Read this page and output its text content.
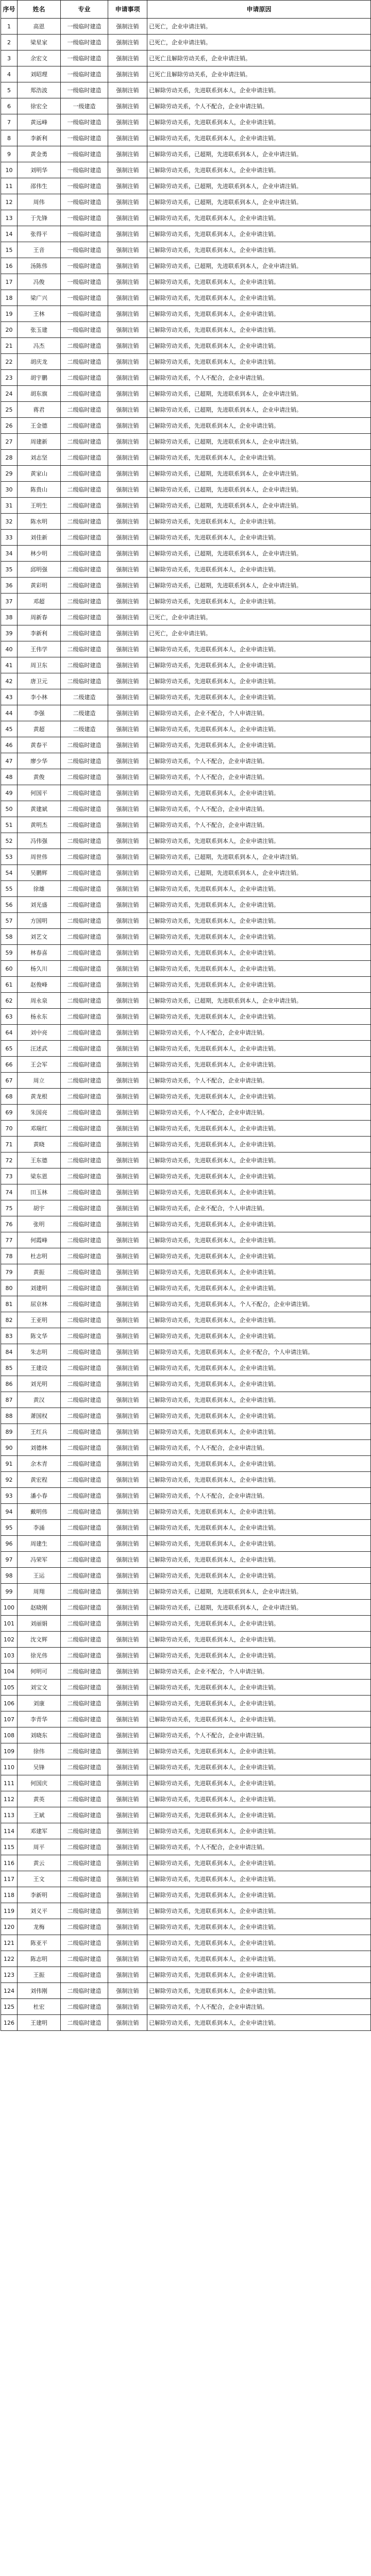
序号	姓名	专业	申请事项	申请原因
1	高恩	一级临时建造	强制注销	已死亡，企业申请注销。
2	梁星家	一级临时建造	强制注销	已死亡，企业申请注销。
3	余宏文	一级临时建造	强制注销	已死亡且解除劳动关系，企业申请注销。
4	刘昭理	一级临时建造	强制注销	已死亡且解除劳动关系，企业申请注销。
5	郑浩波	一级临时建造	强制注销	已解除劳动关系，先进联系到本人，企业申请注销。
6	徐宏全	一级建造	强制注销	已解除劳动关系，个人不配合，企业申请注销。
7	黄远峰	一级临时建造	强制注销	已解除劳动关系，先进联系到本人，企业申请注销。
8	李新利	一级临时建造	强制注销	已解除劳动关系，先进联系到本人，企业申请注销。
9	黄金勇	一级临时建造	强制注销	已解除劳动关系，已超期，先进联系到本人，企业申请注销。
10	刘明华	一级临时建造	强制注销	已解除劳动关系，先进联系到本人，企业申请注销。
11	邵伟生	一级临时建造	强制注销	已解除劳动关系，已超期，先进联系到本人，企业申请注销。
12	周伟	一级临时建造	强制注销	已解除劳动关系，已超期，先进联系到本人，企业申请注销。
13	于先锋	一级临时建造	强制注销	已解除劳动关系，先进联系到本人，企业申请注销。
14	张得平	一级临时建造	强制注销	已解除劳动关系，先进联系到本人，企业申请注销。
15	王音	一级临时建造	强制注销	已解除劳动关系，先进联系到本人，企业申请注销。
16	汤陈伟	一级临时建造	强制注销	已解除劳动关系，已超期，先进联系到本人，企业申请注销。
17	冯俊	一级临时建造	强制注销	已解除劳动关系，先进联系到本人，企业申请注销。
18	梁广兴	一级临时建造	强制注销	已解除劳动关系，先进联系到本人，企业申请注销。
19	王林	一级临时建造	强制注销	已解除劳动关系，先进联系到本人，企业申请注销。
20	张玉建	一级临时建造	强制注销	已解除劳动关系，先进联系到本人，企业申请注销。
21	冯杰	二级临时建造	强制注销	已解除劳动关系，先进联系到本人，企业申请注销。
22	胡庆龙	二级临时建造	强制注销	已解除劳动关系，先进联系到本人，企业申请注销。
23	胡宇鹏	二级临时建造	强制注销	已解除劳动关系，个人不配合，企业申请注销。
24	胡东旗	二级临时建造	强制注销	已解除劳动关系，已超期，先进联系到本人，企业申请注销。
25	蒋君	二级临时建造	强制注销	已解除劳动关系，已超期，先进联系到本人，企业申请注销。
26	王金德	二级临时建造	强制注销	已解除劳动关系，先进联系到本人，企业申请注销。
27	周建新	二级临时建造	强制注销	已解除劳动关系，已超期，先进联系到本人，企业申请注销。
28	刘志坚	二级临时建造	强制注销	已解除劳动关系，先进联系到本人，企业申请注销。
29	黄家山	二级临时建造	强制注销	已解除劳动关系，已超期，先进联系到本人，企业申请注销。
30	陈贵山	二级临时建造	强制注销	已解除劳动关系，已超期，先进联系到本人，企业申请注销。
31	王明生	二级临时建造	强制注销	已解除劳动关系，已超期，先进联系到本人，企业申请注销。
32	陈水明	二级临时建造	强制注销	已解除劳动关系，先进联系到本人，企业申请注销。
33	刘佳新	二级临时建造	强制注销	已解除劳动关系，先进联系到本人，企业申请注销。
34	林少明	二级临时建造	强制注销	已解除劳动关系，已超期，先进联系到本人，企业申请注销。
35	邱明强	二级临时建造	强制注销	已解除劳动关系，先进联系到本人，企业申请注销。
36	黄彩明	二级临时建造	强制注销	已解除劳动关系，已超期，先进联系到本人，企业申请注销。
37	邓超	二级临时建造	强制注销	已解除劳动关系，先进联系到本人，企业申请注销。
38	周新春	二级临时建造	强制注销	已死亡，企业申请注销。
39	李新利	二级临时建造	强制注销	已死亡，企业申请注销。
40	王伟学	二级临时建造	强制注销	已解除劳动关系，先进联系到本人，企业申请注销。
41	周卫东	二级临时建造	强制注销	已解除劳动关系，先进联系到本人，企业申请注销。
42	唐卫元	二级临时建造	强制注销	已解除劳动关系，先进联系到本人，企业申请注销。
43	李小林	二级建造	强制注销	已解除劳动关系，先进联系到本人，企业申请注销。
44	李强	二级建造	强制注销	已解除劳动关系，企业不配合，个人申请注销。
45	黄超	二级建造	强制注销	已解除劳动关系，先进联系到本人，企业申请注销。
46	黄春平	二级临时建造	强制注销	已解除劳动关系，先进联系到本人，企业申请注销。
47	廖少华	二级临时建造	强制注销	已解除劳动关系，个人不配合，企业申请注销。
48	黄俊	二级临时建造	强制注销	已解除劳动关系，个人不配合，企业申请注销。
49	何国平	二级临时建造	强制注销	已解除劳动关系，先进联系到本人，企业申请注销。
50	黄建斌	二级临时建造	强制注销	已解除劳动关系，个人不配合，企业申请注销。
51	黄明杰	二级临时建造	强制注销	已解除劳动关系，个人不配合，企业申请注销。
52	冯伟强	二级临时建造	强制注销	已解除劳动关系，先进联系到本人，企业申请注销。
53	周世伟	二级临时建造	强制注销	已解除劳动关系，已超期，先进联系到本人，企业申请注销。
54	吴鹏辉	二级临时建造	强制注销	已解除劳动关系，已超期，先进联系到本人，企业申请注销。
55	徐雄	二级临时建造	强制注销	已解除劳动关系，先进联系到本人，企业申请注销。
56	刘光盛	二级临时建造	强制注销	已解除劳动关系，先进联系到本人，企业申请注销。
57	方国明	二级临时建造	强制注销	已解除劳动关系，先进联系到本人，企业申请注销。
58	刘艺文	二级临时建造	强制注销	已解除劳动关系，先进联系到本人，企业申请注销。
59	林春喜	二级临时建造	强制注销	已解除劳动关系，先进联系到本人，企业申请注销。
60	杨久川	二级临时建造	强制注销	已解除劳动关系，先进联系到本人，企业申请注销。
61	赵俊峰	二级临时建造	强制注销	已解除劳动关系，先进联系到本人，企业申请注销。
62	周永泉	二级临时建造	强制注销	已解除劳动关系，已超期，先进联系到本人，企业申请注销。
63	杨永东	二级临时建造	强制注销	已解除劳动关系，先进联系到本人，企业申请注销。
64	刘中亮	二级临时建造	强制注销	已解除劳动关系，个人不配合，企业申请注销。
65	汪述武	二级临时建造	强制注销	已解除劳动关系，先进联系到本人，企业申请注销。
66	王会军	二级临时建造	强制注销	已解除劳动关系，先进联系到本人，企业申请注销。
67	周立	二级临时建造	强制注销	已解除劳动关系，个人不配合，企业申请注销。
68	黄龙根	二级临时建造	强制注销	已解除劳动关系，先进联系到本人，企业申请注销。
69	朱国亮	二级临时建造	强制注销	已解除劳动关系，个人不配合，企业申请注销。
70	邓瑞红	二级临时建造	强制注销	已解除劳动关系，先进联系到本人，企业申请注销。
71	黄晓	二级临时建造	强制注销	已解除劳动关系，先进联系到本人，企业申请注销。
72	王东德	二级临时建造	强制注销	已解除劳动关系，先进联系到本人，企业申请注销。
73	梁东恩	二级临时建造	强制注销	已解除劳动关系，先进联系到本人，企业申请注销。
74	田玉林	二级临时建造	强制注销	已解除劳动关系，先进联系到本人，企业申请注销。
75	胡宇	二级临时建造	强制注销	已解除劳动关系，企业不配合，个人申请注销。
76	张明	二级临时建造	强制注销	已解除劳动关系，先进联系到本人，企业申请注销。
77	何霞峰	二级临时建造	强制注销	已解除劳动关系，先进联系到本人，企业申请注销。
78	杜志明	二级临时建造	强制注销	已解除劳动关系，先进联系到本人，企业申请注销。
79	黄振	二级临时建造	强制注销	已解除劳动关系，先进联系到本人，企业申请注销。
80	刘建明	二级临时建造	强制注销	已解除劳动关系，先进联系到本人，企业申请注销。
81	屈京林	二级临时建造	强制注销	已解除劳动关系，先进联系到本人，个人不配合，企业申请注销。
82	王亚明	二级临时建造	强制注销	已解除劳动关系，先进联系到本人，企业申请注销。
83	陈文华	二级临时建造	强制注销	已解除劳动关系，先进联系到本人，企业申请注销。
84	朱志明	二级临时建造	强制注销	已解除劳动关系，先进联系到本人，企业不配合，个人申请注销。
85	王建设	二级临时建造	强制注销	已解除劳动关系，先进联系到本人，企业申请注销。
86	刘光明	二级临时建造	强制注销	已解除劳动关系，先进联系到本人，企业申请注销。
87	黄汉	二级临时建造	强制注销	已解除劳动关系，先进联系到本人，企业申请注销。
88	萧国权	二级临时建造	强制注销	已解除劳动关系，先进联系到本人，企业申请注销。
89	王红兵	二级临时建造	强制注销	已解除劳动关系，先进联系到本人，企业申请注销。
90	刘德林	二级临时建造	强制注销	已解除劳动关系，个人不配合，企业申请注销。
91	余木青	二级临时建造	强制注销	已解除劳动关系，先进联系到本人，企业申请注销。
92	黄宏程	二级临时建造	强制注销	已解除劳动关系，先进联系到本人，企业申请注销。
93	潘小春	二级临时建造	强制注销	已解除劳动关系，个人不配合，企业申请注销。
94	戴明伟	二级临时建造	强制注销	已解除劳动关系，先进联系到本人，企业申请注销。
95	李涌	二级临时建造	强制注销	已解除劳动关系，先进联系到本人，企业申请注销。
96	周建生	二级临时建造	强制注销	已解除劳动关系，先进联系到本人，企业申请注销。
97	冯荣军	二级临时建造	强制注销	已解除劳动关系，先进联系到本人，企业申请注销。
98	王运	二级临时建造	强制注销	已解除劳动关系，先进联系到本人，企业申请注销。
99	周翔	二级临时建造	强制注销	已解除劳动关系，已超期，先进联系到本人，企业申请注销。
100	赵晓刚	二级临时建造	强制注销	已解除劳动关系，已超期，先进联系到本人，企业申请注销。
101	刘丽娟	二级临时建造	强制注销	已解除劳动关系，先进联系到本人，企业申请注销。
102	沈文辉	二级临时建造	强制注销	已解除劳动关系，先进联系到本人，企业申请注销。
103	徐光伟	二级临时建造	强制注销	已解除劳动关系，先进联系到本人，企业申请注销。
104	何明可	二级临时建造	强制注销	已解除劳动关系，企业不配合，个人申请注销。
105	刘宝文	二级临时建造	强制注销	已解除劳动关系，先进联系到本人，企业申请注销。
106	刘康	二级临时建造	强制注销	已解除劳动关系，先进联系到本人，企业申请注销。
107	李青华	二级临时建造	强制注销	已解除劳动关系，先进联系到本人，企业申请注销。
108	刘晓东	二级临时建造	强制注销	已解除劳动关系，个人不配合，企业申请注销。
109	徐伟	二级临时建造	强制注销	已解除劳动关系，先进联系到本人，企业申请注销。
110	吴锋	二级临时建造	强制注销	已解除劳动关系，先进联系到本人，企业申请注销。
111	何国庆	二级临时建造	强制注销	已解除劳动关系，先进联系到本人，企业申请注销。
112	黄英	二级临时建造	强制注销	已解除劳动关系，先进联系到本人，企业申请注销。
113	王斌	二级临时建造	强制注销	已解除劳动关系，先进联系到本人，企业申请注销。
114	邓建军	二级临时建造	强制注销	已解除劳动关系，先进联系到本人，企业申请注销。
115	周平	二级临时建造	强制注销	已解除劳动关系，个人不配合，企业申请注销。
116	黄云	二级临时建造	强制注销	已解除劳动关系，先进联系到本人，企业申请注销。
117	王文	二级临时建造	强制注销	已解除劳动关系，先进联系到本人，企业申请注销。
118	李新明	二级临时建造	强制注销	已解除劳动关系，先进联系到本人，企业申请注销。
119	刘义平	二级临时建造	强制注销	已解除劳动关系，先进联系到本人，企业申请注销。
120	龙梅	二级临时建造	强制注销	已解除劳动关系，先进联系到本人，企业申请注销。
121	陈亚平	二级临时建造	强制注销	已解除劳动关系，先进联系到本人，企业申请注销。
122	陈志明	二级临时建造	强制注销	已解除劳动关系，先进联系到本人，企业申请注销。
123	王振	二级临时建造	强制注销	已解除劳动关系，先进联系到本人，企业申请注销。
124	刘伟刚	二级临时建造	强制注销	已解除劳动关系，先进联系到本人，企业申请注销。
125	杜宏	二级临时建造	强制注销	已解除劳动关系，个人不配合，企业申请注销。
126	王建明	二级临时建造	强制注销	已解除劳动关系，先进联系到本人，企业申请注销。
